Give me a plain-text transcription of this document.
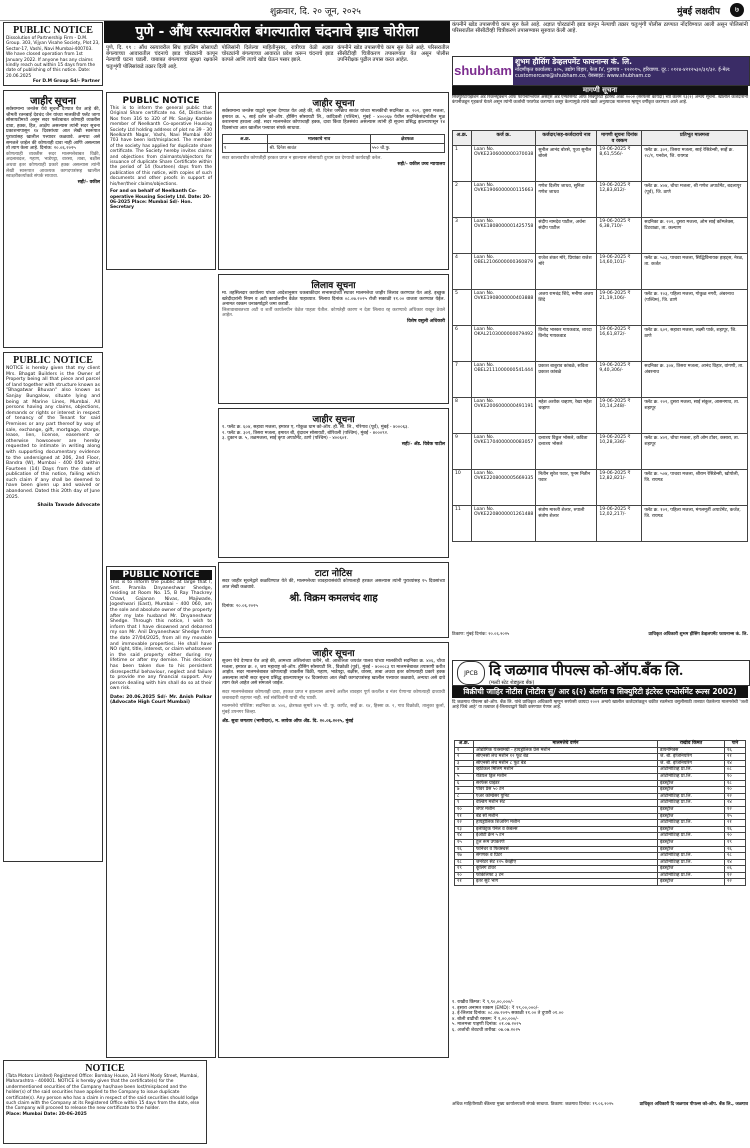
शुक्रवार, दि. २० जून, २०२५	मुंबई लक्षदीप	७
PUBLIC NOTICE
Dissolution of Partnership Firm - D.M. Group. 303, Vijyan Visahe Society, Plot 23, Sector-17, Vashi, Navi Mumbai-400703. We have closed operation from 1st January 2022. If anyone has any claims kindly reach out within 15 days from the date of publishing of this notice. Date: 20.06.2025
For D.M Group Sd/- Partner
जाहीर सूचना
सर्वसामान्य जनतेस येथे सूचना देण्यात येत आहे की, श्रीमती रतनबाई देवचंद जैन यांच्या मालकीची फ्लॅट जागा सोसायटीमध्ये असून सदर फ्लॅटबाबत कोणाही व्यक्तीस दावा, हक्क, हित, आक्षेप असल्यास त्यांनी सदर सूचना प्रकाशनापासून १४ दिवसांच्या आत लेखी स्वरूपात पुराव्यांसह खालील पत्त्यावर कळवावे. अन्यथा असे समजले जाईल की कोणताही दावा नाही आणि असल्यास तो त्याग केला आहे. दिनांक: २०.०६.२०२५
कोणत्याही व्यक्तीस सदर मालमत्तेबाबत विक्री, अदलाबदल, गहाण, भाडेपट्टा, वारसा, ताबा, बक्षीस अथवा इतर कोणत्याही प्रकारे हक्क असल्यास त्यांनी लेखी स्वरूपात आवश्यक कागदपत्रांसह खालील स्वाक्षरीकर्त्याकडे संपर्क साधावा.
सही/- वकील
PUBLIC NOTICE
NOTICE is hereby given that my client Mrs. Bhagat Builders is the Owner of Property being all that piece and parcel of land together with structure known as "Bhagatwar Bhuvan" also known as Sanjay Bungalow, situate lying and being at Marine Lines, Mumbai. All persons having any claims, objections, demands or rights or interest in respect of tenancy of the Tenant for said Premises or any part thereof by way of sale, exchange, gift, mortgage, charge, lease, lien, license, easement or otherwise howsoever are hereby requested to intimate in writing along with supporting documentary evidence to the undersigned at 206, 2nd Floor, Bandra (W), Mumbai - 400 050 within Fourteen (14) Days from the date of publication of this notice, failing which such claim if any shall be deemed to have been given up and waived or abandoned. Dated this 20th day of June 2025.
Shaila Tawade Advocate
NOTICE
(Tata Motors Limited) Registered Office: Bombay House, 24 Homi Mody Street, Mumbai, Maharashtra - 400001. NOTICE is hereby given that the certificate(s) for the undermentioned securities of the Company has/have been lost/misplaced and the holder(s) of the said securities have applied to the Company to issue duplicate certificate(s). Any person who has a claim in respect of the said securities should lodge such claim with the Company at its Registered Office within 15 days from the date, else the Company will proceed to release the new certificate to the holder.
Place: Mumbai Date: 20-06-2025
पुणे - औंध रस्त्यावरील बंगल्यातील चंदनाचे झाड चोरीला

पुणे, दि. १९ : औंध रस्त्यावरील सिंध हाउसिंग सोसायटी बंगल्याच्या आवारातील चंदनाचे झाड चोरट्यांनी कापून नेल्याची घटना घडली. याबाबत बंगल्याच्या सुरक्षा रक्षकाने चतुःशृंगी पोलिसांकडे तक्रार दिली आहे.

पोलिसांनी दिलेल्या माहितीनुसार, रात्रीच्या वेळी अज्ञात चोरट्यांनी बंगल्याच्या आवारात प्रवेश करून चंदनाचे झाड कापले आणि त्याचे खोड घेऊन पसार झाले.

कंपनीने खोड तपासणीचे काम सुरु केले आहे. परिसरातील सीसीटीव्ही चित्रीकरण तपासण्यात येत असून पोलीस उपनिरीक्षक पुढील तपास करत आहेत.

PUBLIC NOTICE
This is to inform the general public that Original Share certificate no. 64, Distinctive Nos from 316 to 320 of Mr. Sanjay Kamble member of Neelkanth Co-operative Housing Society Ltd holding address of plot no 39 - 30 Neelkanth Nagar, Vashi, Navi Mumbai 400 703 have been lost/misplaced. The member of the society has applied for duplicate share certificate. The Society hereby invites claims and objections from claimants/objectors for issuance of duplicate Share Certificate within the period of 14 (fourteen) days from the publication of this notice, with copies of such documents and other proofs in support of his/her/their claims/objections.
For and on behalf of Neelkanth Co-operative Housing Society Ltd. Date: 20-06-2025 Place: Mumbai Sd/- Hon. Secretary
जाहीर सूचना
सर्वसामान्य जनतेस याद्वारे सूचना देण्यात येत आहे की, श्री. दिनेश जगन्नाथ सावंत यांच्या मालकीची सदनिका क्र. २०२, दुसरा मजला, इमारत क्र. ५, साई दर्शन को-ऑप. हौसिंग सोसायटी लि., कांदिवली (पश्चिम), मुंबई - ४०००६७ येथील सदनिकेसंदर्भातील मूळ करारनामा हरवला आहे. सदर मालमत्तेवर कोणाचाही हक्क, दावा किंवा हितसंबंध असल्यास त्यांनी ही सूचना प्रसिद्ध झाल्यापासून १४ दिवसांच्या आत खालील पत्त्यावर संपर्क साधावा.
अ.क्र.	मालकाचे नाव	क्षेत्रफळ
१	श्री. दिनेश सावंत	५५० चौ.फु.
सदर कालावधीत कोणतीही हरकत प्राप्त न झाल्यास सोसायटी दुय्यम प्रत देण्याची कार्यवाही करेल.
सही/- वकील उच्च न्यायालय
लिलाव सूचना
मा. तहसिलदार कार्यालय यांच्या आदेशानुसार थकबाकीदार सभासदांच्या स्थावर मालमत्तेचा जाहीर लिलाव करण्यात येत आहे. इच्छुक खरेदीदारांनी नियम व अटी कार्यालयीन वेळेत पाहाव्यात. लिलाव दिनांक ०८.०७.२०२५ रोजी सकाळी ११.०० वाजता करण्यात येईल. अनामत रक्कम धनाकर्षाद्वारे जमा करावी.
लिलावाबाबतच्या अटी व शर्ती कार्यालयीन वेळेत पाहता येतील. कोणतेही कारण न देता लिलाव रद्द करण्याचे अधिकार राखून ठेवले आहेत.
विशेष वसुली अधिकारी
जाहीर सूचना
१. फ्लॅट क्र. ६०४, सहावा मजला, इमारत ए, गोकुळ धाम को-ऑप. हौ. सो. लि., गोरेगाव (पूर्व), मुंबई - ४०००६३.
२. फ्लॅट क्र. ३०१, तिसरा मजला, इमारत बी, वृंदावन सोसायटी, बोरिवली (पश्चिम), मुंबई - ४०००९२.
३. दुकान क्र. ५, तळमजला, साई कृपा अपार्टमेंट, ठाणे (पश्चिम) - ४००६०१.
सही/- अ‍ॅड. विवेक पाटील
PUBLIC NOTICE
This is to inform the public at large that I, Smt. Pramila Dnyaneshwar Shedge, residing at Room No. 15, B Ray Thackrey Chawl, Gajanan Nivas, Majiwade, Jogeshwari (East), Mumbai - 400 060, am the sole and absolute owner of the property after my late husband Mr. Dnyaneshwar Shedge. Through this notice, I wish to inform that I have disowned and debarred my son Mr. Anil Dnyaneshwar Shedge from the date 27/04/2025, from all my movable and immovable properties. He shall have NO right, title, interest, or claim whatsoever in the said property either during my lifetime or after my demise. This decision has been taken due to his persistent disrespectful behaviour, neglect and failure to provide me any financial support. Any person dealing with him shall do so at their own risk.
Date: 20.06.2025 Sd/- Mr. Anish Palkar (Advocate High Court Mumbai)
टाटा नोटिस
सदर जाहीर सूचनेद्वारे कळविण्यात येते की, मालमत्तेच्या व्यवहारासंबंधी कोणालाही हरकत असल्यास त्यांनी पुराव्यांसह १५ दिवसांच्या आत लेखी कळवावे.
श्री. विक्रम कमलचंद शाह
दिनांक: २०.०६.२०२५
जाहीर सूचना
सूचना येथे देण्यात येत आहे की, आमच्या अशिलांच्या वतीने, श्री. आशालता जयवंत पालव यांच्या मालकीची सदनिका क्र. ४०६, चौथा मजला, इमारत क्र. २, जय महाराष्ट्र को-ऑप. हौसिंग सोसायटी लि., विक्रोळी (पूर्व), मुंबई - ४०००८३ या मालमत्तेबाबत तपासणी करीत आहोत. सदर मालमत्तेबाबत कोणत्याही व्यक्तीस विक्री, गहाण, भाडेपट्टा, बक्षीस, वारसा, ताबा अथवा इतर कोणत्याही प्रकारे हक्क असल्यास त्यांनी सदर सूचना प्रसिद्ध झाल्यापासून १४ दिवसांच्या आत लेखी कागदपत्रांसह खालील पत्त्यावर कळवावे, अन्यथा असे दावे त्याग केले आहेत असे समजले जाईल.
सदर मालमत्तेबाबत कोणताही दावा, हरकत प्राप्त न झाल्यास आमचे अशील व्यवहार पूर्ण करतील व नंतर येणाऱ्या कोणत्याही दाव्याची जबाबदारी राहणार नाही. सर्व संबंधितांनी याची नोंद घ्यावी.
मालमत्तेचे परिशिष्ट: सदनिका क्र. ४०६, क्षेत्रफळ सुमारे ४२५ चौ. फु. कार्पेट, सर्व्हे क्र. १४, हिस्सा क्र. २, गाव विक्रोळी, तालुका कुर्ला, मुंबई उपनगर जिल्हा.
अ‍ॅड. सुधा जगताप (भागीदार), म. लायेक ऑफ अ‍ॅड. दि. २०.०६.२०२५, मुंबई
कंपनीने खोड तपासणीचे काम सुरु केले आहे. अज्ञात चोरट्यांनी झाड कापून नेल्याची तक्रार चतुःशृंगी पोलीस ठाण्यात नोंदविण्यात आली असून पोलिसांनी परिसरातील सीसीटीव्ही चित्रीकरण तपासण्यास सुरुवात केली आहे.
shubham
शुभम हौसिंग डेव्हलपमेंट फायनान्स कं. लि.
नोंदणीकृत कार्यालय: ४२५, उद्योग विहार, फेज IV, गुडगाव - १२२०१५, हरियाणा. दूर.: ०१२४-४२१२५३०/३१/३२. ई-मेल: customercare@shubham.co, वेबसाइट: www.shubham.co
मागणी सूचना
सिक्युरिटायझेशन अँड रिकन्स्ट्रक्शन ऑफ फायनान्शियल ॲसेट्स अँड एन्फोर्समेंट ऑफ सिक्युरिटी इंटरेस्ट ॲक्ट २००२ (सरफेसी कायदा) च्या कलम १३(२) अन्वये सूचना. खालील कर्जदारांनी कंपनीकडून गृहकर्ज घेतले असून त्यांनी कर्जाची परतफेड करण्यात कसूर केल्यामुळे त्यांचे खाते अनुत्पादक मालमत्ता म्हणून वर्गीकृत करण्यात आले आहे.
अ.क्र.	कर्ज क्र.	कर्जदार/सह-कर्जदाराचे नाव	मागणी सूचना दिनांक व रक्कम	प्रतिभूत मालमत्ता
1	Loan No. OVKE2306000000370038	सुनील आनंद बोरसे, पूजा सुनील बोरसे	19-06-2025 ₹ 8,61,556/-	फ्लॅट क्र. ३०२, तिसरा मजला, साई रेसिडेन्सी, सर्व्हे क्र. २८/१, पनवेल, जि. रायगड
2	Loan No. OVKE1906000000115663	गणेश दिलीप जाधव, सुनिता गणेश जाधव	19-06-2025 ₹ 12,83,812/-	फ्लॅट क्र. ४०४, चौथा मजला, श्री गणेश अपार्टमेंट, बदलापूर (पूर्व), जि. ठाणे
3	Loan No. OVKE1808000001425758	संदीप नामदेव पाटील, अर्चना संदीप पाटील	19-06-2025 ₹ 6,38,710/-	सदनिका क्र. २०१, दुसरा मजला, ओम साई कॉम्प्लेक्स, टिटवाळा, ता. कल्याण
4	Loan No. OBEL2106000000360879	राजेश शंकर मोरे, प्रियांका राजेश मोरे	19-06-2025 ₹ 14,60,101/-	फ्लॅट क्र. ५०३, पाचवा मजला, सिद्धिविनायक हाइट्स, नेरळ, ता. कर्जत
5	Loan No. OVKE1908000000403888	अजय रामचंद्र शिंदे, मनीषा अजय शिंदे	19-06-2025 ₹ 21,19,106/-	फ्लॅट क्र. १०३, पहिला मजला, गोकुळ नगरी, अंबरनाथ (पश्चिम), जि. ठाणे
6	Loan No. OKAL2103000000079492	विनोद भास्कर गायकवाड, शारदा विनोद गायकवाड	19-06-2025 ₹ 16,61,872/-	फ्लॅट क्र. ६०२, सहावा मजला, लक्ष्मी पार्क, शहापूर, जि. ठाणे
7	Loan No. OBEL2111000000541444	प्रकाश बाबुराव कांबळे, सविता प्रकाश कांबळे	19-06-2025 ₹ 9,40,306/-	सदनिका क्र. ३०४, तिसरा मजला, आनंद विहार, वांगणी, ता. अंबरनाथ
8	Loan No. OVKE2006000000491191	महेश अशोक चव्हाण, रेखा महेश चव्हाण	19-06-2025 ₹ 10,14,248/-	फ्लॅट क्र. २०२, दुसरा मजला, साई संकुल, आसनगाव, ता. शहापूर
9	Loan No. OVKE1704000000083057	दत्तात्रय विठ्ठल भोसले, कविता दत्तात्रय भोसले	19-06-2025 ₹ 10,28,336/-	फ्लॅट क्र. ४०१, चौथा मजला, हरी ओम टॉवर, कसारा, ता. शहापूर
10	Loan No. OVKE2208000005669335	नितीन सुरेश पवार, पूनम नितीन पवार	19-06-2025 ₹ 12,82,821/-	फ्लॅट क्र. ५०४, पाचवा मजला, श्रीराम रेसिडेन्सी, खोपोली, जि. रायगड
11	Loan No. OVKE2208000001261488	संतोष मारुती शेलार, रुपाली संतोष शेलार	19-06-2025 ₹ 12,02,217/-	फ्लॅट क्र. १०२, पहिला मजला, मंगलमूर्ती अपार्टमेंट, कर्जत, जि. रायगड
ठिकाण: मुंबई दिनांक: २०.०६.२०२५	प्राधिकृत अधिकारी शुभम हौसिंग डेव्हलपमेंट फायनान्स कं. लि.
JPCB दि जळगाव पीपल्स को-ऑप.बँक लि.
(मल्टी स्टेट शेड्युल्ड बँक)
विक्रीची जाहिर नोटीस (नोटीस सु/ आर ६(२) अंतर्गत व सिक्युरिटी इंटरेस्ट एन्फोर्समेंट रूल्स 2002)
दि जळगाव पीपल्स को-ऑप. बँक लि. यांचे प्राधिकृत अधिकारी म्हणून सरफेसी कायदा २००२ अन्वये खालील कर्जदारांकडून थकीत रकमेच्या वसुलीसाठी ताब्यात घेतलेल्या मालमत्तेची 'जशी आहे जिथे आहे' या तत्वावर ई-लिलावाद्वारे विक्री करण्यात येणार आहे.
अ.क्र.	मालमत्तेचे वर्णन	राखीव किंमत	पाने
१	औद्योगिक यंत्रसामग्री - हायड्रॉलिक प्रेस मशीन	डायनॅमिक्स	१६
२	सीएनसी लेथ मशीन १२ फूट बेड	जे. बी. इंजिनियरिंग	२१
३	सीएनसी लेथ मशीन ८ फूट बेड	जे. बी. इंजिनियरिंग	१४
४	व्हर्टिकल मिलिंग मशीन	ऑटोमोटिव्ह प्रा.लि.	०८
५	रेडियल ड्रिल मशीन	ऑटोमोटिव्ह प्रा.लि.	१०
६	सरफेस ग्राइंडर	इंडस्ट्रीज	१८
७	पॉवर प्रेस ५० टन	इंडस्ट्रीज	२०
८	एअर कॉम्प्रेसर युनिट	ऑटोमोटिव्ह प्रा.लि.	२२
९	वेल्डिंग मशीन सेट	ऑटोमोटिव्ह प्रा.लि.	२४
१०	शेपर मशीन	इंडस्ट्रीज	१२
११	बँड सॉ मशीन	इंडस्ट्रीज	१५
१२	हायड्रॉलिक शिअरिंग मशीन	ऑटोमोटिव्ह प्रा.लि.	२१
१३	इलेक्ट्रिक पॅनेल व केबल्स	इंडस्ट्रीज	१६
१४	ईओटी क्रेन ५ टन	ऑटोमोटिव्ह प्रा.लि.	२०
१५	टूल रूम उपकरणे	इंडस्ट्रीज	१९
१६	फर्निचर व फिक्स्चर्स	इंडस्ट्रीज	२६
१७	संगणक व प्रिंटर	ऑटोमोटिव्ह प्रा.लि.	२८
१८	जनरेटर सेट १२५ केव्हीए	ऑटोमोटिव्ह प्रा.लि.	१४
१९	कूलिंग टॉवर	इंडस्ट्रीज	०६
२०	फोर्कलिफ्ट ३ टन	ऑटोमोटिव्ह प्रा.लि.	१२
२१	इतर सुटे भाग	इंडस्ट्रीज	२२
१. राखीव किंमत: ₹ ९,९०,००,०००/-
२. इसारा अनामत रक्कम (EMD): ₹ ९९,००,०००/-
३. ई-लिलाव दिनांक: ०८.०७.२०२५ सकाळी ११.०० ते दुपारी ०१.००
४. बोली वाढीची रक्कम: ₹ १,००,०००/-
५. मालमत्ता पाहणी दिनांक: ०१.०७.२०२५
६. अर्जाची शेवटची तारीख: ०७.०७.२०२५
अधिक माहितीसाठी बँकेच्या मुख्य कार्यालयाशी संपर्क साधावा. ठिकाण: जळगाव दिनांक: १९.०६.२०२५	प्राधिकृत अधिकारी दि जळगाव पीपल्स को-ऑप. बँक लि., जळगाव
